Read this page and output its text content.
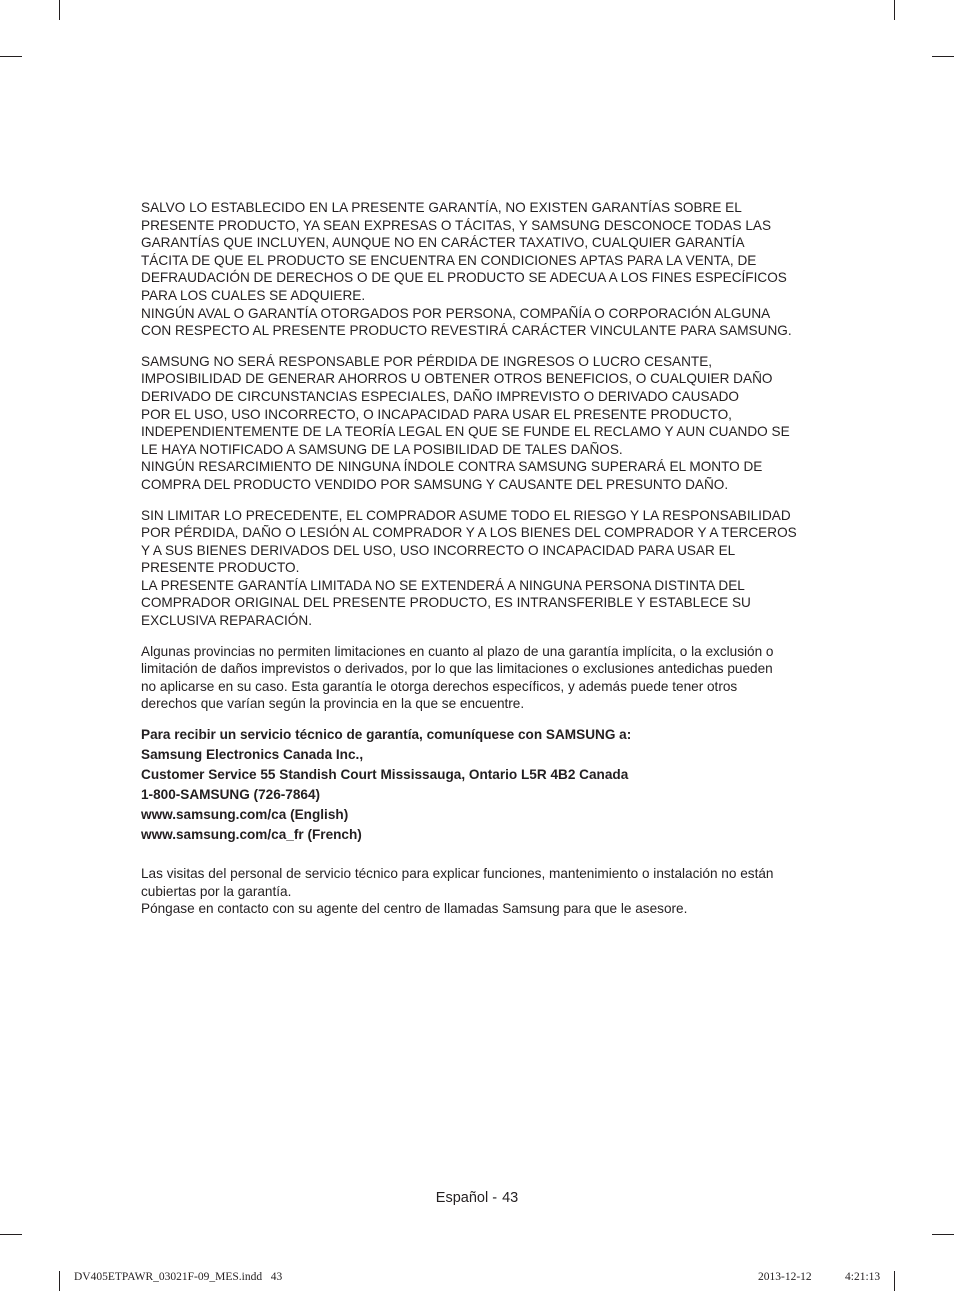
SALVO LO ESTABLECIDO EN LA PRESENTE GARANTÍA, NO EXISTEN GARANTÍAS SOBRE EL
PRESENTE PRODUCTO, YA SEAN EXPRESAS O TÁCITAS, Y SAMSUNG DESCONOCE TODAS LAS
GARANTÍAS QUE INCLUYEN, AUNQUE NO EN CARÁCTER TAXATIVO, CUALQUIER GARANTÍA
TÁCITA DE QUE EL PRODUCTO SE ENCUENTRA EN CONDICIONES APTAS PARA LA VENTA, DE
DEFRAUDACIÓN DE DERECHOS O DE QUE EL PRODUCTO SE ADECUA A LOS FINES ESPECÍFICOS
PARA LOS CUALES SE ADQUIERE.
NINGÚN AVAL O GARANTÍA OTORGADOS POR PERSONA, COMPAÑÍA O CORPORACIÓN ALGUNA
CON RESPECTO AL PRESENTE PRODUCTO REVESTIRÁ CARÁCTER VINCULANTE PARA SAMSUNG.

SAMSUNG NO SERÁ RESPONSABLE POR PÉRDIDA DE INGRESOS O LUCRO CESANTE,
IMPOSIBILIDAD DE GENERAR AHORROS U OBTENER OTROS BENEFICIOS, O CUALQUIER DAÑO
DERIVADO DE CIRCUNSTANCIAS ESPECIALES, DAÑO IMPREVISTO O DERIVADO CAUSADO
POR EL USO, USO INCORRECTO, O INCAPACIDAD PARA USAR EL PRESENTE PRODUCTO,
INDEPENDIENTEMENTE DE LA TEORÍA LEGAL EN QUE SE FUNDE EL RECLAMO Y AUN CUANDO SE
LE HAYA NOTIFICADO A SAMSUNG DE LA POSIBILIDAD DE TALES DAÑOS.
NINGÚN RESARCIMIENTO DE NINGUNA ÍNDOLE CONTRA SAMSUNG SUPERARÁ EL MONTO DE
COMPRA DEL PRODUCTO VENDIDO POR SAMSUNG Y CAUSANTE DEL PRESUNTO DAÑO.

SIN LIMITAR LO PRECEDENTE, EL COMPRADOR ASUME TODO EL RIESGO Y LA RESPONSABILIDAD
POR PÉRDIDA, DAÑO O LESIÓN AL COMPRADOR Y A LOS BIENES DEL COMPRADOR Y A TERCEROS
Y A SUS BIENES DERIVADOS DEL USO, USO INCORRECTO O INCAPACIDAD PARA USAR EL
PRESENTE PRODUCTO.
LA PRESENTE GARANTÍA LIMITADA NO SE EXTENDERÁ A NINGUNA PERSONA DISTINTA DEL
COMPRADOR ORIGINAL DEL PRESENTE PRODUCTO, ES INTRANSFERIBLE Y ESTABLECE SU
EXCLUSIVA REPARACIÓN.

Algunas provincias no permiten limitaciones en cuanto al plazo de una garantía implícita, o la exclusión o
limitación de daños imprevistos o derivados, por lo que las limitaciones o exclusiones antedichas pueden
no aplicarse en su caso. Esta garantía le otorga derechos específicos, y además puede tener otros
derechos que varían según la provincia en la que se encuentre.

Para recibir un servicio técnico de garantía, comuníquese con SAMSUNG a:
Samsung Electronics Canada Inc.,
Customer Service 55 Standish Court Mississauga, Ontario L5R 4B2 Canada
1-800-SAMSUNG (726-7864)
www.samsung.com/ca (English)
www.samsung.com/ca_fr (French)

Las visitas del personal de servicio técnico para explicar funciones, mantenimiento o instalación no están
cubiertas por la garantía.
Póngase en contacto con su agente del centro de llamadas Samsung para que le asesore.

Español - 43
DV405ETPAWR_03021F-09_MES.indd   43	2013-12-12	4:21:13
